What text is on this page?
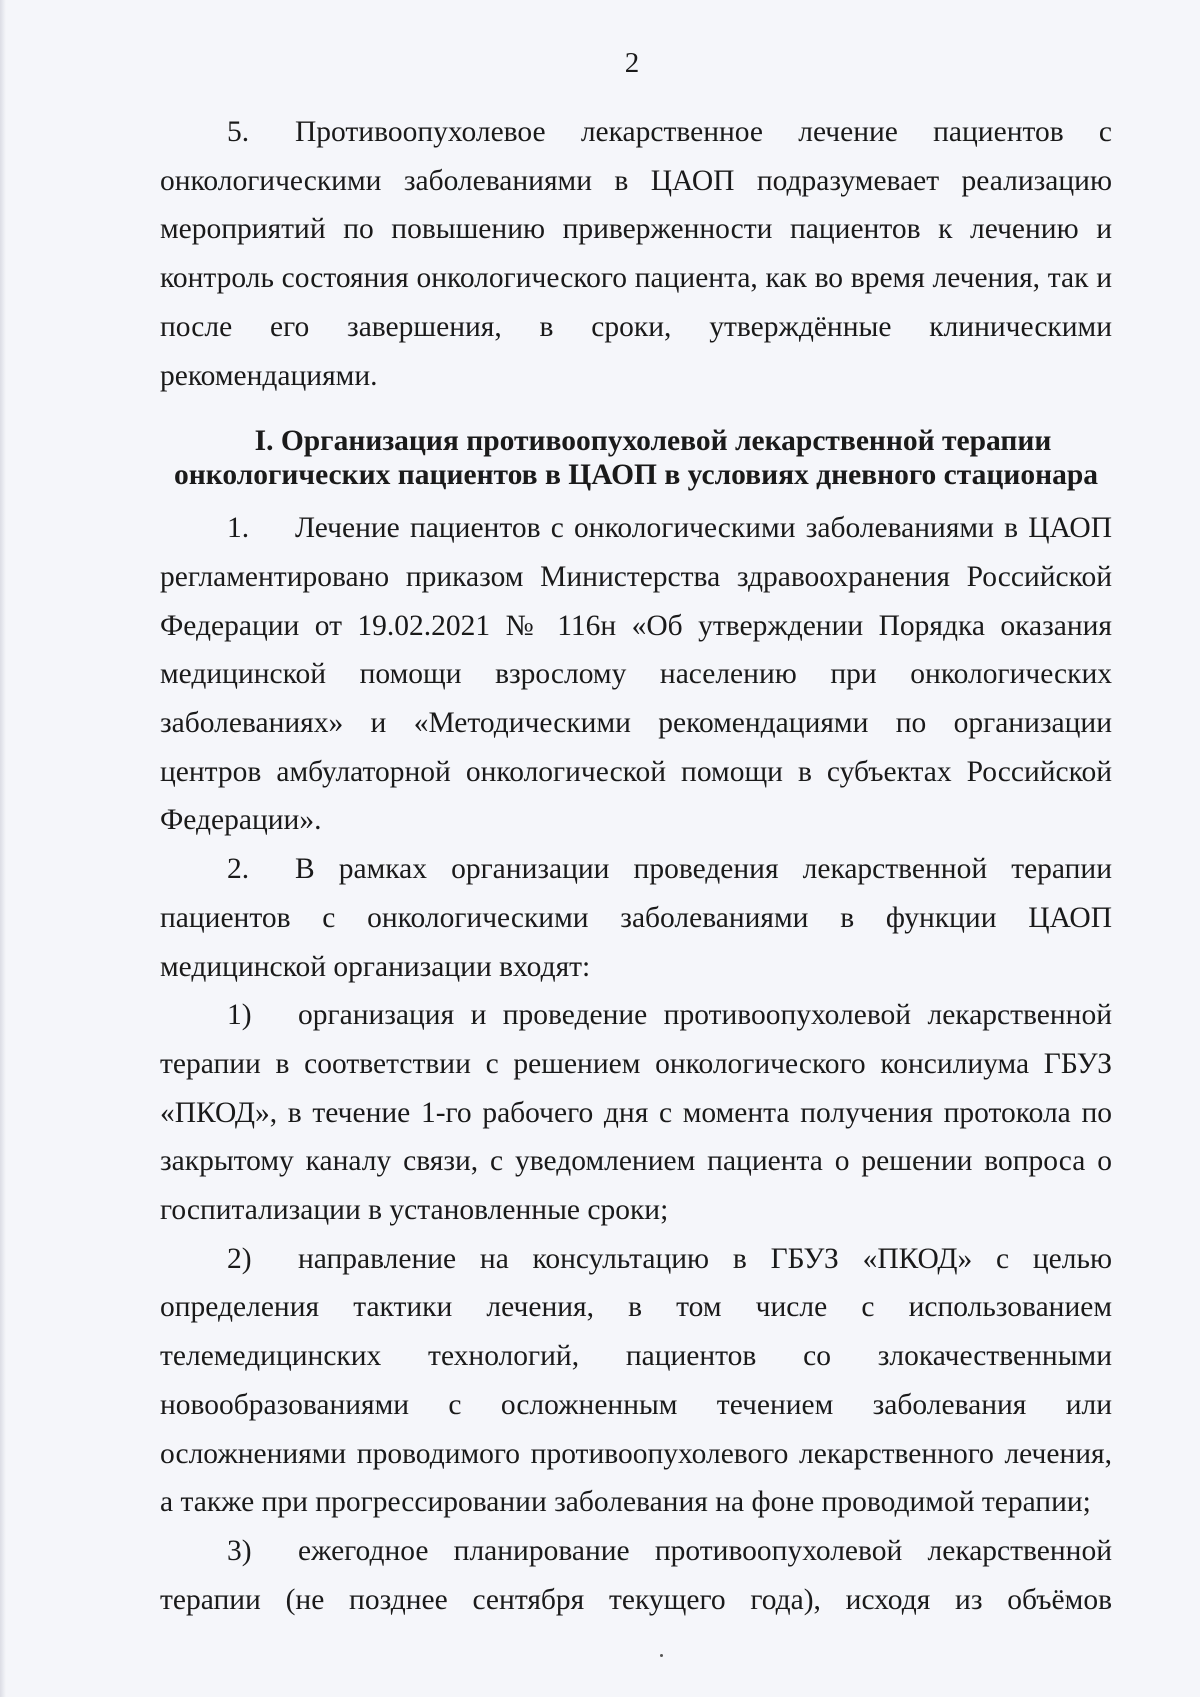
2

5. Противоопухолевое лекарственное лечение пациентов с онкологическими заболеваниями в ЦАОП подразумевает реализацию мероприятий по повышению приверженности пациентов к лечению и контроль состояния онкологического пациента, как во время лечения, так и после его завершения, в сроки, утверждённые клиническими рекомендациями.

I. Организация противоопухолевой лекарственной терапии
онкологических пациентов в ЦАОП в условиях дневного стационара

1. Лечение пациентов с онкологическими заболеваниями в ЦАОП регламентировано приказом Министерства здравоохранения Российской Федерации от 19.02.2021 № 116н «Об утверждении Порядка оказания медицинской помощи взрослому населению при онкологических заболеваниях» и «Методическими рекомендациями по организации центров амбулаторной онкологической помощи в субъектах Российской Федерации».

2. В рамках организации проведения лекарственной терапии пациентов с онкологическими заболеваниями в функции ЦАОП медицинской организации входят:

1) организация и проведение противоопухолевой лекарственной терапии в соответствии с решением онкологического консилиума ГБУЗ «ПКОД», в течение 1-го рабочего дня с момента получения протокола по закрытому каналу связи, с уведомлением пациента о решении вопроса о госпитализации в установленные сроки;

2) направление на консультацию в ГБУЗ «ПКОД» с целью определения тактики лечения, в том числе с использованием телемедицинских технологий, пациентов со злокачественными новообразованиями с осложненным течением заболевания или осложнениями проводимого противоопухолевого лекарственного лечения, а также при прогрессировании заболевания на фоне проводимой терапии;

3) ежегодное планирование противоопухолевой лекарственной терапии (не позднее сентября текущего года), исходя из объёмов
